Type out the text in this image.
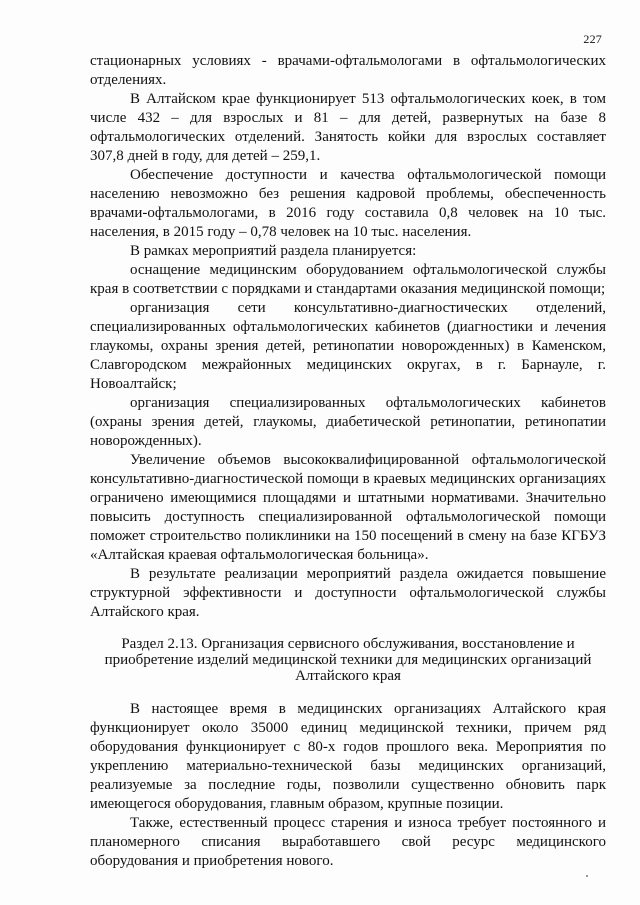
227

стационарных условиях - врачами-офтальмологами в офтальмологических отделениях.

В Алтайском крае функционирует 513 офтальмологических коек, в том числе 432 – для взрослых и 81 – для детей, развернутых на базе 8 офтальмологических отделений. Занятость койки для взрослых составляет 307,8 дней в году, для детей – 259,1.

Обеспечение доступности и качества офтальмологической помощи населению невозможно без решения кадровой проблемы, обеспеченность врачами-офтальмологами, в 2016 году составила 0,8 человек на 10 тыс. населения, в 2015 году – 0,78 человек на 10 тыс. населения.

В рамках мероприятий раздела планируется:

оснащение медицинским оборудованием офтальмологической службы края в соответствии с порядками и стандартами оказания медицинской помощи;

организация сети консультативно-диагностических отделений, специализированных офтальмологических кабинетов (диагностики и лечения глаукомы, охраны зрения детей, ретинопатии новорожденных) в Каменском, Славгородском межрайонных медицинских округах, в г. Барнауле, г. Новоалтайск;

организация специализированных офтальмологических кабинетов (охраны зрения детей, глаукомы, диабетической ретинопатии, ретинопатии новорожденных).

Увеличение объемов высококвалифицированной офтальмологической консультативно-диагностической помощи в краевых медицинских организациях ограничено имеющимися площадями и штатными нормативами. Значительно повысить доступность специализированной офтальмологической помощи поможет строительство поликлиники на 150 посещений в смену на базе КГБУЗ «Алтайская краевая офтальмологическая больница».

В результате реализации мероприятий раздела ожидается повышение структурной эффективности и доступности офтальмологической службы Алтайского края.

Раздел 2.13. Организация сервисного обслуживания, восстановление и приобретение изделий медицинской техники для медицинских организаций Алтайского края

В настоящее время в медицинских организациях Алтайского края функционирует около 35000 единиц медицинской техники, причем ряд оборудования функционирует с 80-х годов прошлого века. Мероприятия по укреплению материально-технической базы медицинских организаций, реализуемые за последние годы, позволили существенно обновить парк имеющегося оборудования, главным образом, крупные позиции.

Также, естественный процесс старения и износа требует постоянного и планомерного списания выработавшего свой ресурс медицинского оборудования и приобретения нового.
